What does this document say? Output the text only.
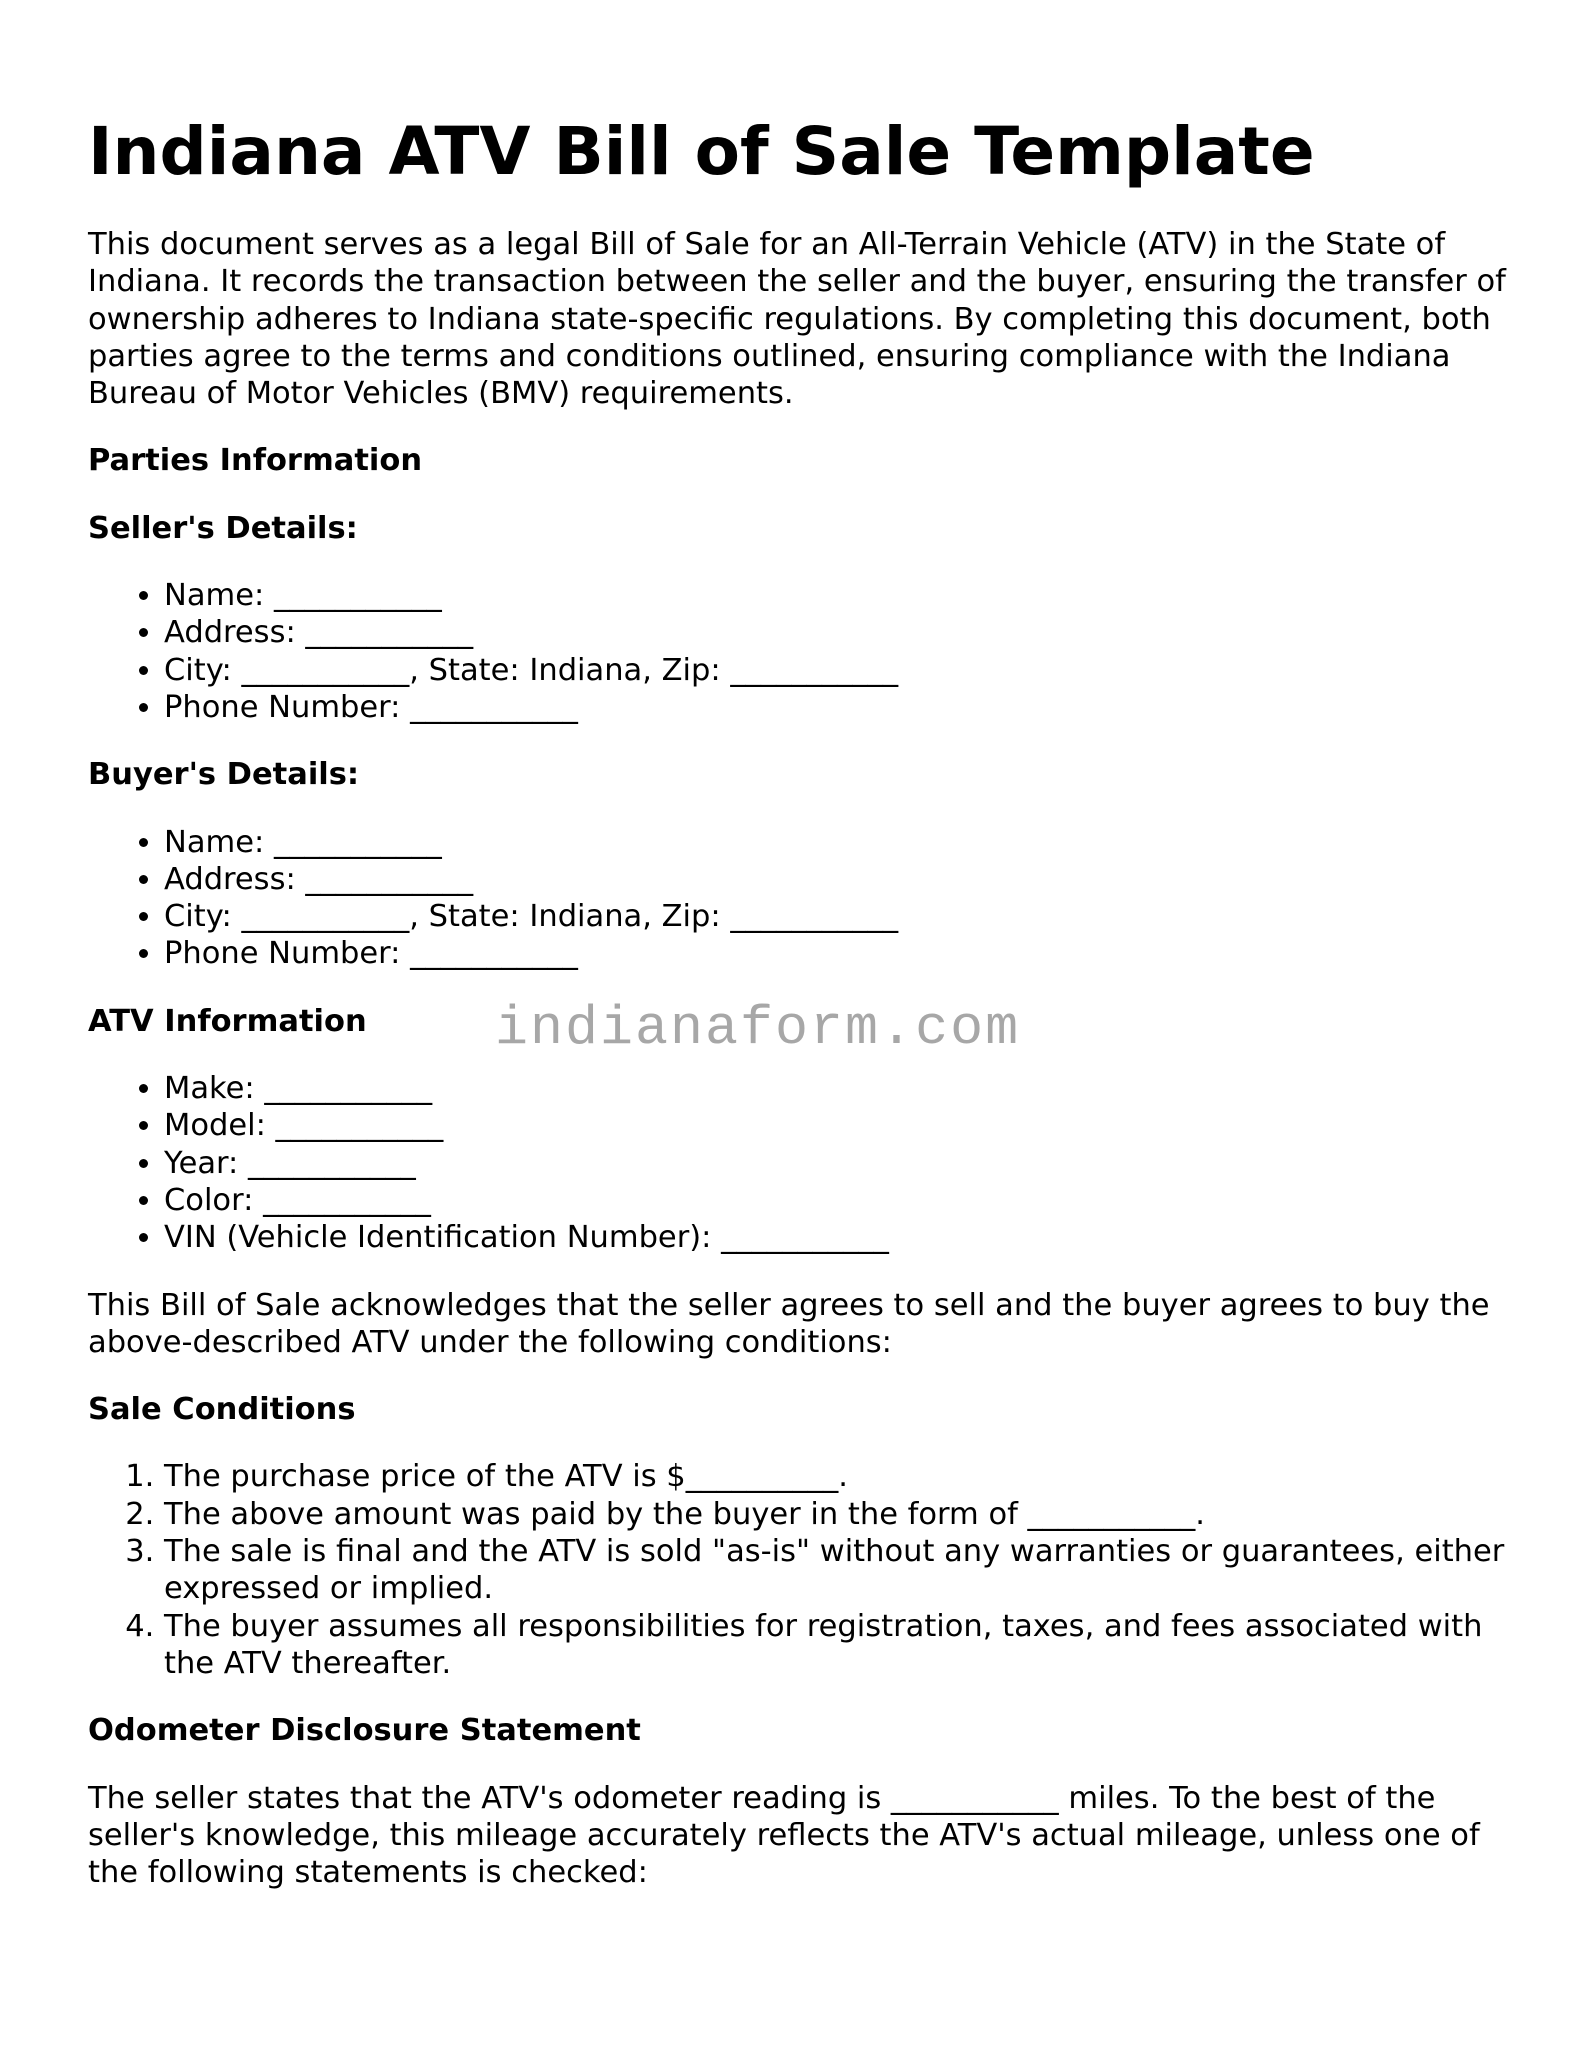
Indiana ATV Bill of Sale Template

This document serves as a legal Bill of Sale for an All-Terrain Vehicle (ATV) in the State of Indiana. It records the transaction between the seller and the buyer, ensuring the transfer of ownership adheres to Indiana state-specific regulations. By completing this document, both parties agree to the terms and conditions outlined, ensuring compliance with the Indiana Bureau of Motor Vehicles (BMV) requirements.

Parties Information
Seller's Details:
• Name: ___________
• Address: ___________
• City: ___________, State: Indiana, Zip: ___________
• Phone Number: ___________
Buyer's Details:
• Name: ___________
• Address: ___________
• City: ___________, State: Indiana, Zip: ___________
• Phone Number: ___________
ATV Information
• Make: ___________
• Model: ___________
• Year: ___________
• Color: ___________
• VIN (Vehicle Identification Number): ___________

This Bill of Sale acknowledges that the seller agrees to sell and the buyer agrees to buy the above-described ATV under the following conditions:

Sale Conditions
1. The purchase price of the ATV is $__________.
2. The above amount was paid by the buyer in the form of ___________.
3. The sale is final and the ATV is sold "as-is" without any warranties or guarantees, either expressed or implied.
4. The buyer assumes all responsibilities for registration, taxes, and fees associated with the ATV thereafter.
Odometer Disclosure Statement

The seller states that the ATV's odometer reading is ___________ miles. To the best of the seller's knowledge, this mileage accurately reflects the ATV's actual mileage, unless one of the following statements is checked:

indianaform.com
